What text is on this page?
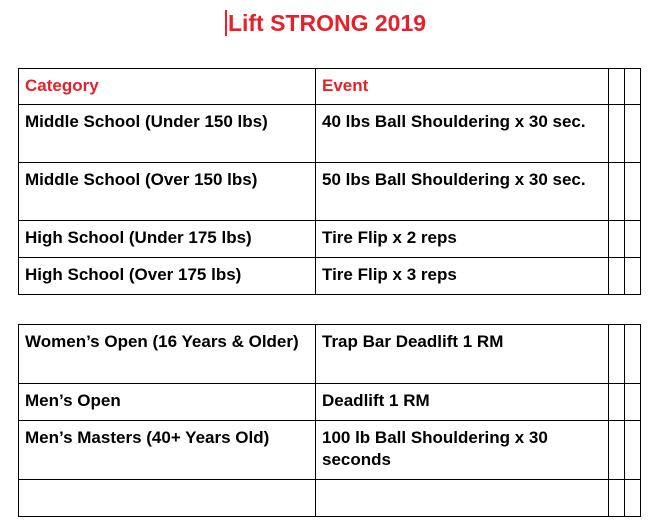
Lift STRONG 2019
Category	Event		
Middle School (Under 150 lbs)	40 lbs Ball Shouldering x 30 sec.		
Middle School (Over 150 lbs)	50 lbs Ball Shouldering x 30 sec.		
High School (Under 175 lbs)	Tire Flip x 2 reps		
High School (Over 175 lbs)	Tire Flip x 3 reps		
Women’s Open (16 Years & Older)	Trap Bar Deadlift 1 RM		
Men’s Open	Deadlift 1 RM		
Men’s Masters (40+ Years Old)	100 lb Ball Shouldering x 30 seconds		
